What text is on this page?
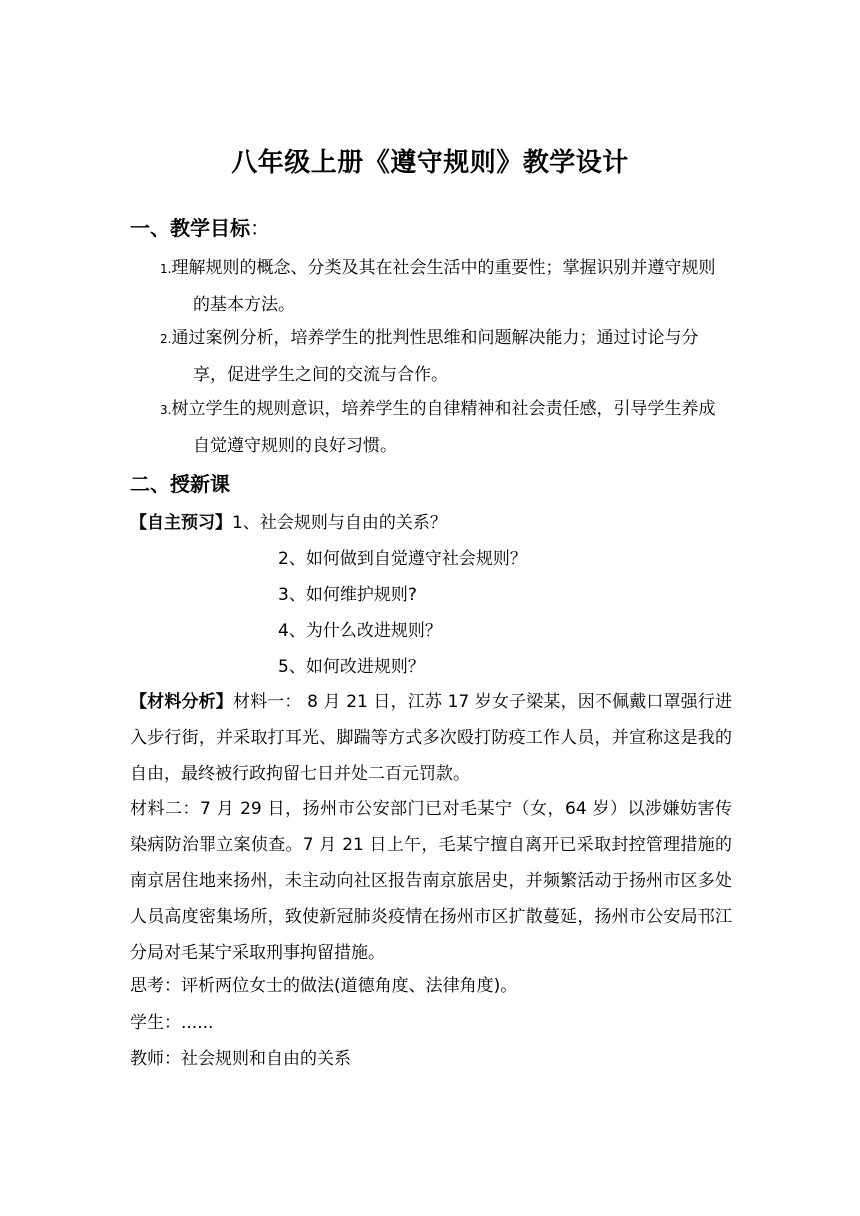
八年级上册《遵守规则》教学设计
一、教学目标：
1.理解规则的概念、分类及其在社会生活中的重要性；掌握识别并遵守规则
的基本方法。
2.通过案例分析，培养学生的批判性思维和问题解决能力；通过讨论与分
享，促进学生之间的交流与合作。
3.树立学生的规则意识，培养学生的自律精神和社会责任感，引导学生养成
自觉遵守规则的良好习惯。
二、授新课
【自主预习】1、社会规则与自由的关系？
2、如何做到自觉遵守社会规则？
3、如何维护规则?
4、为什么改进规则？
5、如何改进规则？
【材料分析】材料一： 8 月 21 日，江苏 17 岁女子梁某，因不佩戴口罩强行进入步行街，并采取打耳光、脚踹等方式多次殴打防疫工作人员，并宣称这是我的自由，最终被行政拘留七日并处二百元罚款。
材料二：7 月 29 日，扬州市公安部门已对毛某宁（女，64 岁）以涉嫌妨害传染病防治罪立案侦查。7 月 21 日上午，毛某宁擅自离开已采取封控管理措施的南京居住地来扬州，未主动向社区报告南京旅居史，并频繁活动于扬州市区多处人员高度密集场所，致使新冠肺炎疫情在扬州市区扩散蔓延，扬州市公安局邗江分局对毛某宁采取刑事拘留措施。
思考：评析两位女士的做法(道德角度、法律角度)。
学生：......
教师：社会规则和自由的关系
